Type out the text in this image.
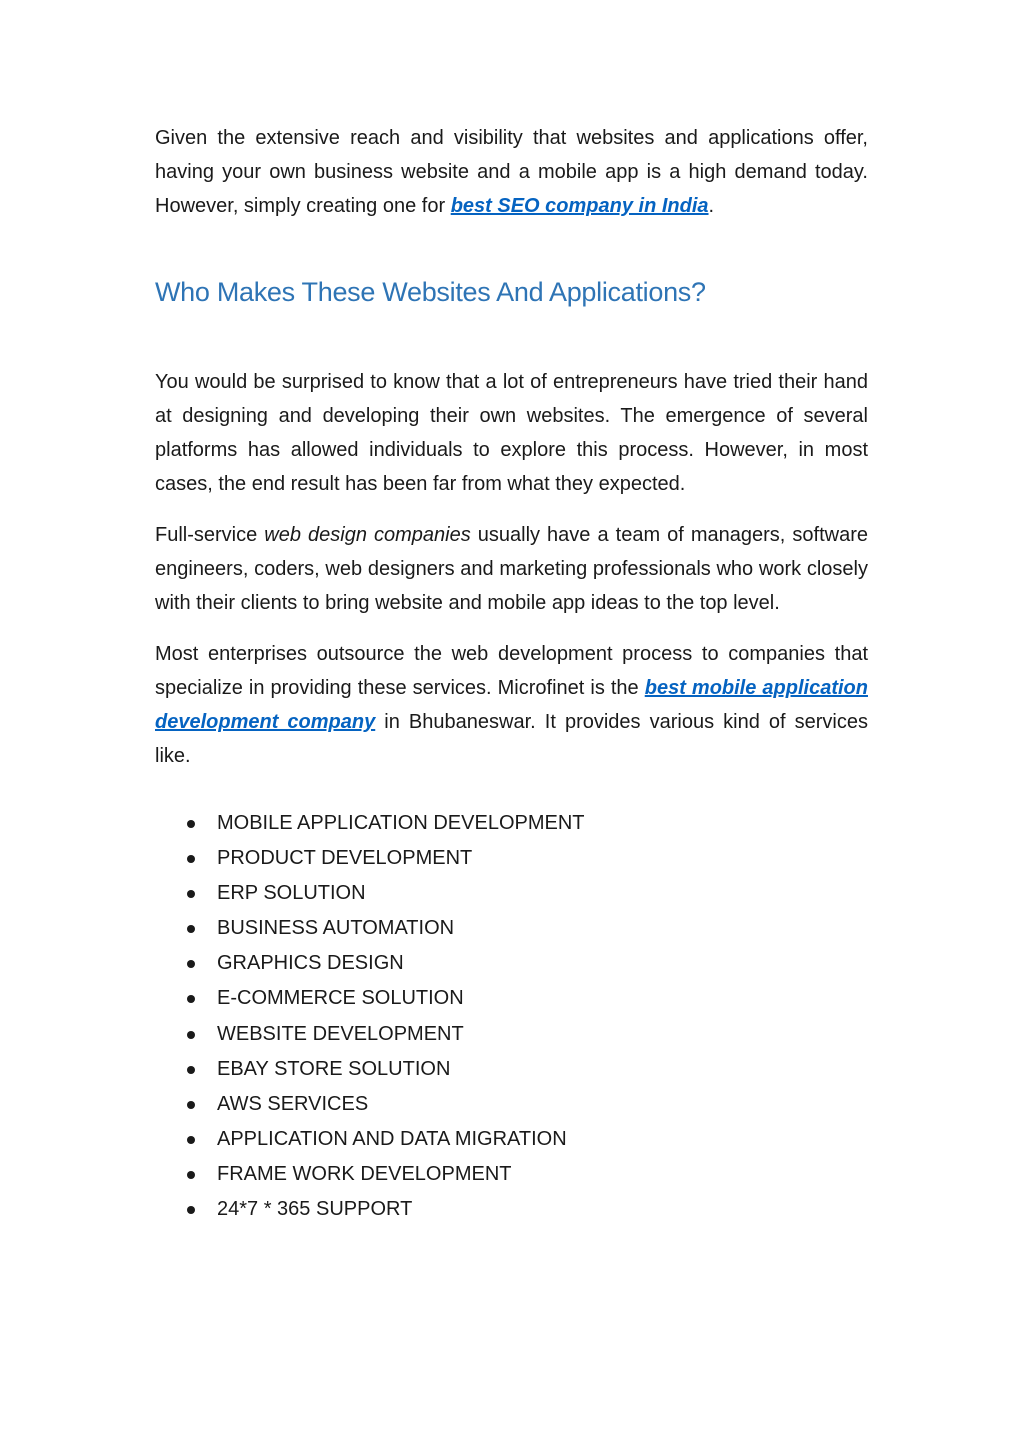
Given the extensive reach and visibility that websites and applications offer, having your own business website and a mobile app is a high demand today. However, simply creating one for best SEO company in India.

Who Makes These Websites And Applications?

You would be surprised to know that a lot of entrepreneurs have tried their hand at designing and developing their own websites. The emergence of several platforms has allowed individuals to explore this process. However, in most cases, the end result has been far from what they expected.

Full-service web design companies usually have a team of managers, software engineers, coders, web designers and marketing professionals who work closely with their clients to bring website and mobile app ideas to the top level.

Most enterprises outsource the web development process to companies that specialize in providing these services. Microfinet is the best mobile application development company in Bhubaneswar. It provides various kind of services like.

MOBILE APPLICATION DEVELOPMENT
PRODUCT DEVELOPMENT
ERP SOLUTION
BUSINESS AUTOMATION
GRAPHICS DESIGN
E-COMMERCE SOLUTION
WEBSITE DEVELOPMENT
EBAY STORE SOLUTION
AWS SERVICES
APPLICATION AND DATA MIGRATION
FRAME WORK DEVELOPMENT
24*7 * 365 SUPPORT
